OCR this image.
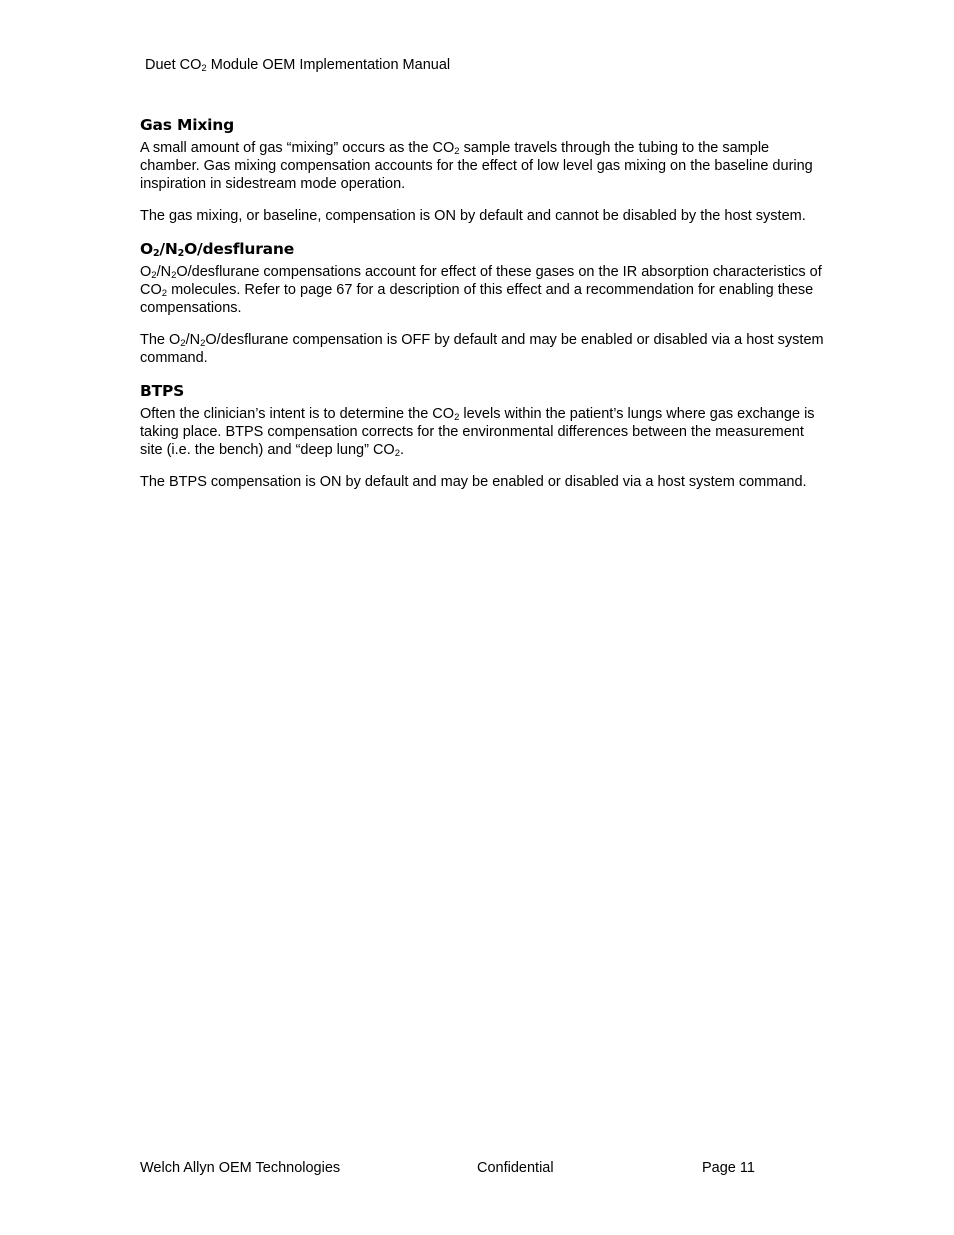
Duet $CO_2$ Module OEM Implementation Manual
Gas Mixing

A small amount of gas “mixing” occurs as the $CO_2$ sample travels through the tubing to the sample chamber. Gas mixing compensation accounts for the effect of low level gas mixing on the baseline during inspiration in sidestream mode operation.

The gas mixing, or baseline, compensation is ON by default and cannot be disabled by the host system.

$O_2/N_2O$/desflurane

$O_2/N_2O$/desflurane compensations account for effect of these gases on the IR absorption characteristics of $CO_2$ molecules. Refer to page 67 for a description of this effect and a recommendation for enabling these compensations.

The $O_2/N_2O$/desflurane compensation is OFF by default and may be enabled or disabled via a host system command.

BTPS

Often the clinician’s intent is to determine the $CO_2$ levels within the patient’s lungs where gas exchange is taking place. BTPS compensation corrects for the environmental differences between the measurement site (i.e. the bench) and “deep lung” $CO_2$.

The BTPS compensation is ON by default and may be enabled or disabled via a host system command.

Welch Allyn OEM Technologies	Confidential	Page 11
